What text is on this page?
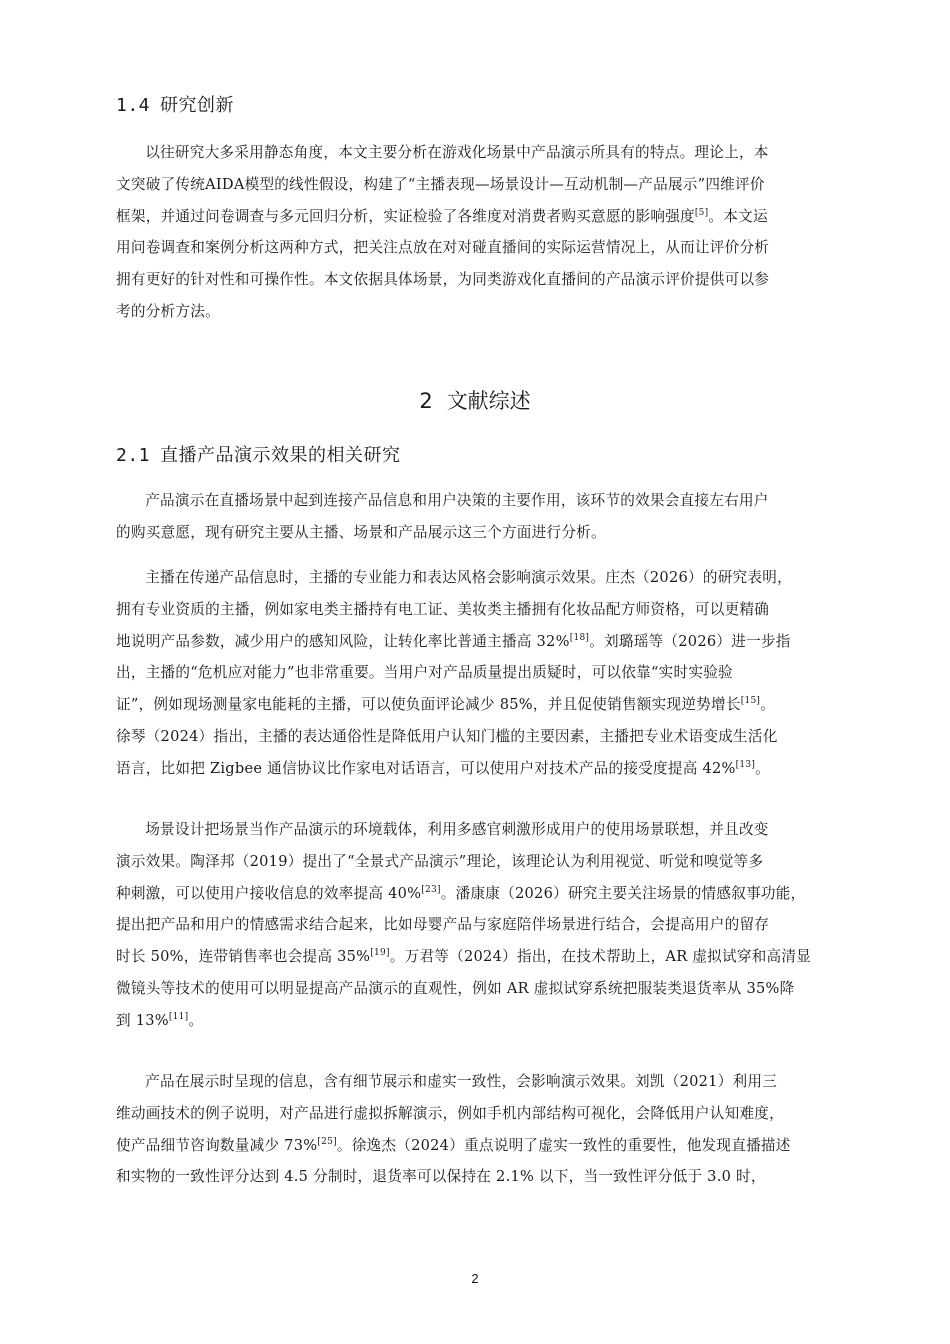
1.4 研究创新

以往研究大多采用静态角度，本文主要分析在游戏化场景中产品演示所具有的特点。理论上，本
文突破了传统AIDA模型的线性假设，构建了“主播表现—场景设计—互动机制—产品展示”四维评价
框架，并通过问卷调查与多元回归分析，实证检验了各维度对消费者购买意愿的影响强度[5]。本文运
用问卷调查和案例分析这两种方式，把关注点放在对对碰直播间的实际运营情况上，从而让评价分析
拥有更好的针对性和可操作性。本文依据具体场景，为同类游戏化直播间的产品演示评价提供可以参
考的分析方法。

2 文献综述
2.1 直播产品演示效果的相关研究

产品演示在直播场景中起到连接产品信息和用户决策的主要作用，该环节的效果会直接左右用户
的购买意愿，现有研究主要从主播、场景和产品展示这三个方面进行分析。

主播在传递产品信息时，主播的专业能力和表达风格会影响演示效果。庄杰（2026）的研究表明，
拥有专业资质的主播，例如家电类主播持有电工证、美妆类主播拥有化妆品配方师资格，可以更精确
地说明产品参数，减少用户的感知风险，让转化率比普通主播高 32%[18]。刘璐瑶等（2026）进一步指
出，主播的“危机应对能力”也非常重要。当用户对产品质量提出质疑时，可以依靠“实时实验验
证”，例如现场测量家电能耗的主播，可以使负面评论减少 85%，并且促使销售额实现逆势增长[15]。
徐琴（2024）指出，主播的表达通俗性是降低用户认知门槛的主要因素，主播把专业术语变成生活化
语言，比如把 Zigbee 通信协议比作家电对话语言，可以使用户对技术产品的接受度提高 42%[13]。

场景设计把场景当作产品演示的环境载体，利用多感官刺激形成用户的使用场景联想，并且改变
演示效果。陶泽邦（2019）提出了“全景式产品演示”理论，该理论认为利用视觉、听觉和嗅觉等多
种刺激，可以使用户接收信息的效率提高 40%[23]。潘康康（2026）研究主要关注场景的情感叙事功能，
提出把产品和用户的情感需求结合起来，比如母婴产品与家庭陪伴场景进行结合，会提高用户的留存
时长 50%，连带销售率也会提高 35%[19]。万君等（2024）指出，在技术帮助上，AR 虚拟试穿和高清显
微镜头等技术的使用可以明显提高产品演示的直观性，例如 AR 虚拟试穿系统把服装类退货率从 35%降
到 13%[11]。

产品在展示时呈现的信息，含有细节展示和虚实一致性，会影响演示效果。刘凯（2021）利用三
维动画技术的例子说明，对产品进行虚拟拆解演示，例如手机内部结构可视化，会降低用户认知难度，
使产品细节咨询数量减少 73%[25]。徐逸杰（2024）重点说明了虚实一致性的重要性，他发现直播描述
和实物的一致性评分达到 4.5 分制时，退货率可以保持在 2.1% 以下，当一致性评分低于 3.0 时，

2
